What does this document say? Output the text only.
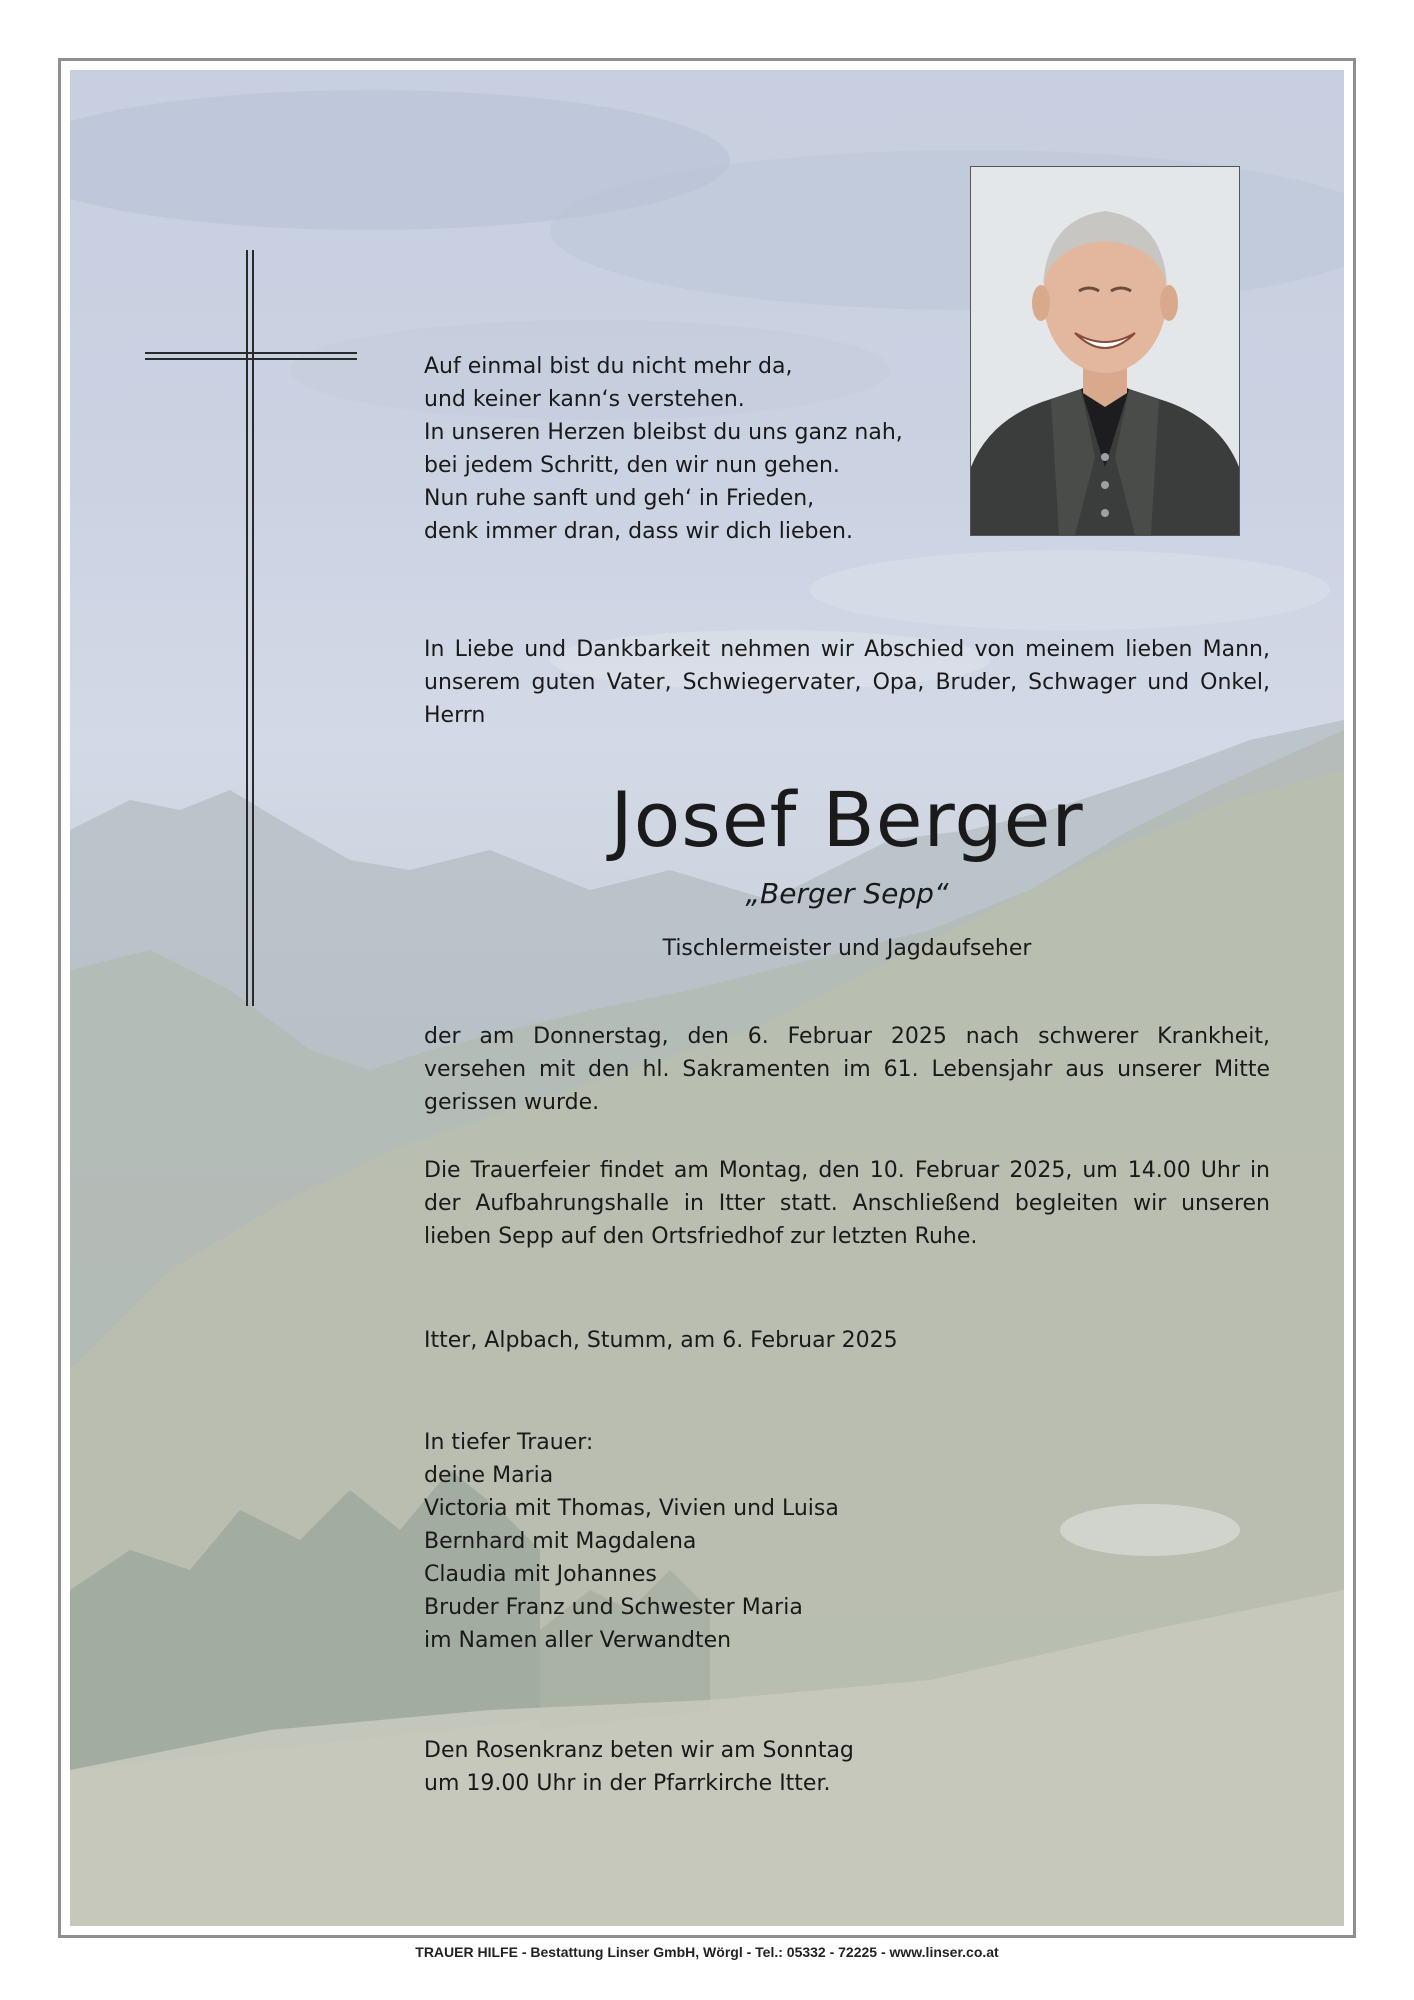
Auf einmal bist du nicht mehr da,
und keiner kann‘s verstehen.
In unseren Herzen bleibst du uns ganz nah,
bei jedem Schritt, den wir nun gehen.
Nun ruhe sanft und geh‘ in Frieden,
denk immer dran, dass wir dich lieben.
In Liebe und Dankbarkeit nehmen wir Abschied von meinem lieben Mann, unserem guten Vater, Schwiegervater, Opa, Bruder, Schwager und Onkel, Herrn
Josef Berger
„Berger Sepp“
Tischlermeister und Jagdaufseher
der am Donnerstag, den 6. Februar 2025 nach schwerer Krankheit, versehen mit den hl. Sakramenten im 61. Lebensjahr aus unserer Mitte gerissen wurde.
Die Trauerfeier findet am Montag, den 10. Februar 2025, um 14.00 Uhr in der Aufbahrungshalle in Itter statt. Anschließend begleiten wir unseren lieben Sepp auf den Ortsfriedhof zur letzten Ruhe.
Itter, Alpbach, Stumm, am 6. Februar 2025
In tiefer Trauer:
deine Maria
Victoria mit Thomas, Vivien und Luisa
Bernhard mit Magdalena
Claudia mit Johannes
Bruder Franz und Schwester Maria
im Namen aller Verwandten
Den Rosenkranz beten wir am Sonntag
um 19.00 Uhr in der Pfarrkirche Itter.
TRAUER HILFE - Bestattung Linser GmbH, Wörgl - Tel.: 05332 - 72225 - www.linser.co.at
